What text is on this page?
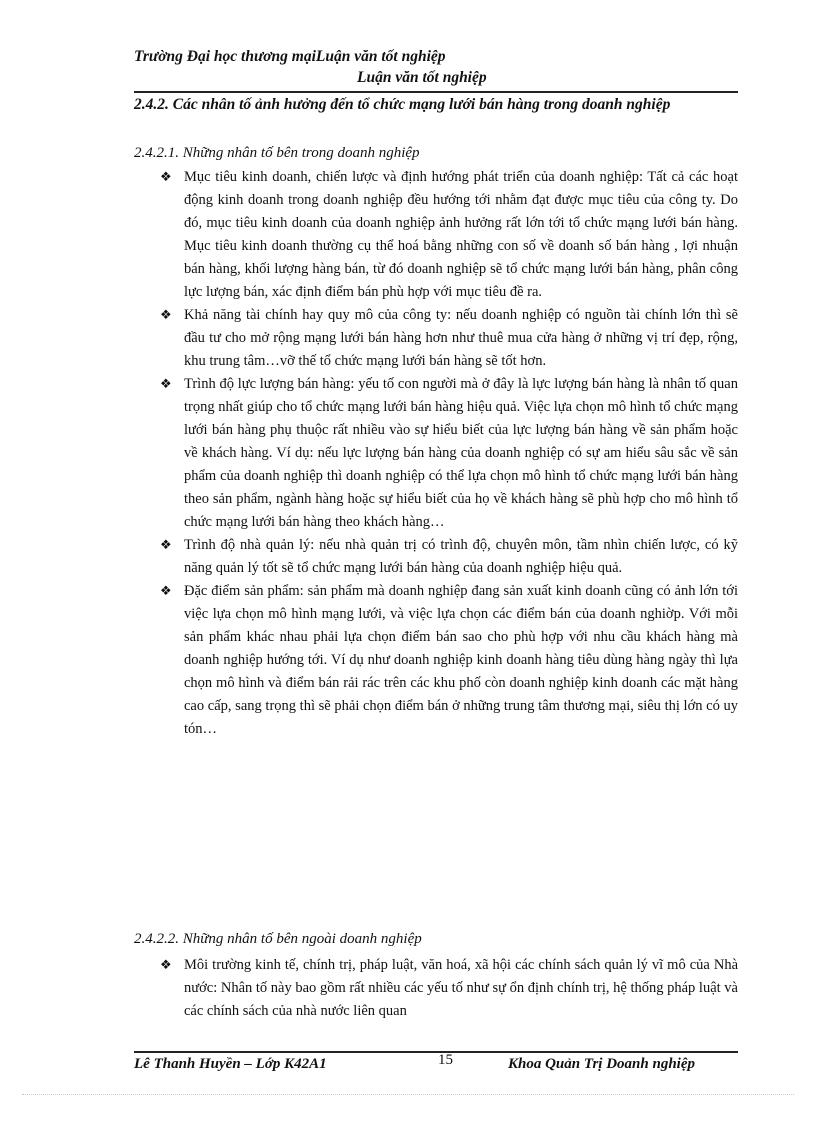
Trường Đại học thương mạiLuận văn tốt nghiệp
Luận văn tốt nghiệp
2.4.2. Các nhân tố ảnh hưởng đến tổ chức mạng lưới bán hàng trong doanh nghiệp
2.4.2.1. Những nhân tố bên trong doanh nghiệp
❖ Mục tiêu kinh doanh, chiến lược và định hướng phát triển của doanh nghiệp: Tất cả các hoạt động kinh doanh trong doanh nghiệp đều hướng tới nhằm đạt được mục tiêu của công ty. Do đó, mục tiêu kinh doanh của doanh nghiệp ảnh hưởng rất lớn tới tổ chức mạng lưới bán hàng. Mục tiêu kinh doanh thường cụ thể hoá bằng những con số về doanh số bán hàng , lợi nhuận bán hàng, khối lượng hàng bán, từ đó doanh nghiệp sẽ tổ chức mạng lưới bán hàng, phân công lực lượng bán, xác định điểm bán phù hợp với mục tiêu đề ra.
❖ Khả năng tài chính hay quy mô của công ty: nếu doanh nghiệp có nguồn tài chính lớn thì sẽ đầu tư cho mở rộng mạng lưới bán hàng hơn như thuê mua cửa hàng ở những vị trí đẹp, rộng, khu trung tâm…vỡ thế tổ chức mạng lưới bán hàng sẽ tốt hơn.
❖ Trình độ lực lượng bán hàng: yếu tố con người mà ở đây là lực lượng bán hàng là nhân tố quan trọng nhất giúp cho tổ chức mạng lưới bán hàng hiệu quả. Việc lựa chọn mô hình tổ chức mạng lưới bán hàng phụ thuộc rất nhiều vào sự hiểu biết của lực lượng bán hàng về sản phẩm hoặc về khách hàng. Ví dụ: nếu lực lượng bán hàng của doanh nghiệp có sự am hiểu sâu sắc về sản phẩm của doanh nghiệp thì doanh nghiệp có thể lựa chọn mô hình tổ chức mạng lưới bán hàng theo sản phẩm, ngành hàng hoặc sự hiểu biết của họ về khách hàng sẽ phù hợp cho mô hình tổ chức mạng lưới bán hàng theo khách hàng…
❖ Trình độ nhà quản lý: nếu nhà quản trị có trình độ, chuyên môn, tầm nhìn chiến lược, có kỹ năng quản lý tốt sẽ tổ chức mạng lưới bán hàng của doanh nghiệp hiệu quả.
❖ Đặc điểm sản phẩm: sản phẩm mà doanh nghiệp đang sản xuất kinh doanh cũng có ảnh lớn tới việc lựa chọn mô hình mạng lưới, và việc lựa chọn các điểm bán của doanh nghiờp. Với mỗi sản phẩm khác nhau phải lựa chọn điểm bán sao cho phù hợp với nhu cầu khách hàng mà doanh nghiệp hướng tới. Ví dụ như doanh nghiệp kinh doanh hàng tiêu dùng hàng ngày thì lựa chọn mô hình và điểm bán rải rác trên các khu phố còn doanh nghiệp kinh doanh các mặt hàng cao cấp, sang trọng thì sẽ phải chọn điểm bán ở những trung tâm thương mại, siêu thị lớn có uy tón…
2.4.2.2. Những nhân tố bên ngoài doanh nghiệp
❖ Môi trường kinh tế, chính trị, pháp luật, văn hoá, xã hội các chính sách quản lý vĩ mô của Nhà nước: Nhân tố này bao gồm rất nhiều các yếu tố như sự ổn định chính trị, hệ thống pháp luật và các chính sách của nhà nước liên quan
Lê Thanh Huyền – Lớp K42A1	15	Khoa Quản Trị Doanh nghiệp
